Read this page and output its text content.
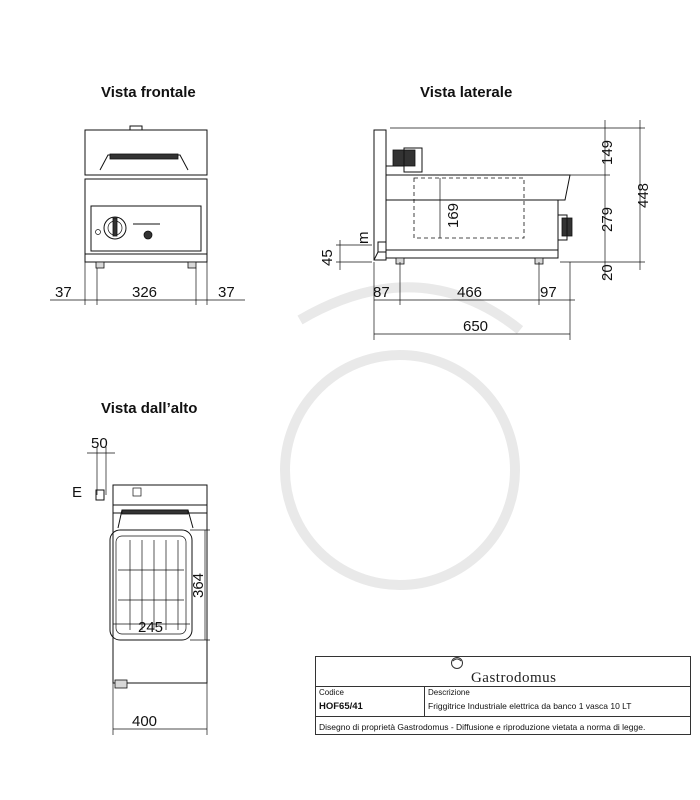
Vista frontale	Vista laterale
Vista dall’alto
37	326	37
149
279
448
20
45
169
m
87	466	97
650
50
E
364
245
400
Gastrodomus
Codice
HOF65/41
Descrizione
Friggitrice Industriale elettrica da banco 1 vasca 10 LT
Disegno di proprietà Gastrodomus - Diffusione e riproduzione vietata a norma di legge.
